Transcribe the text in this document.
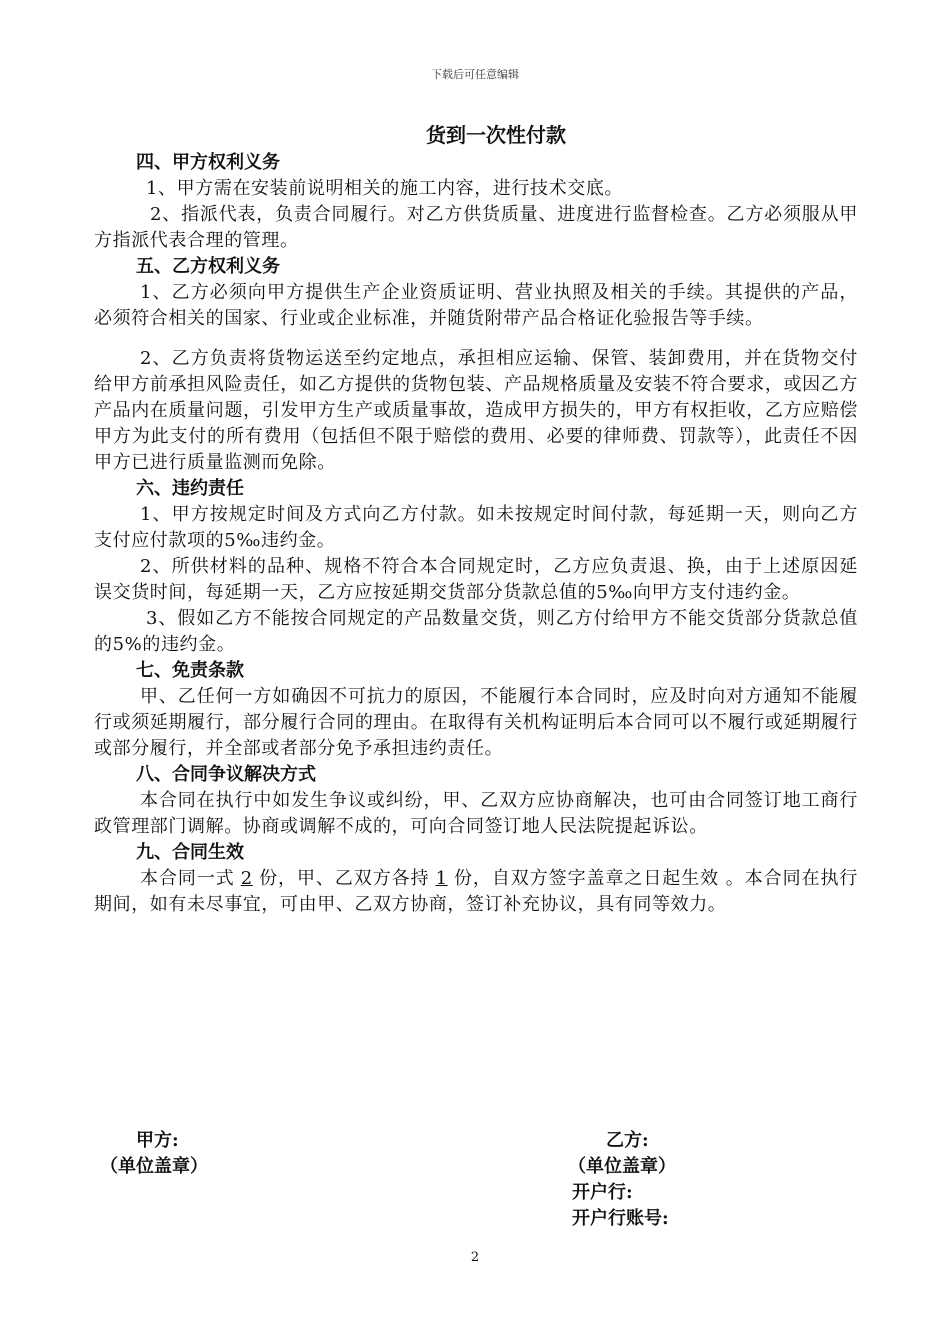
下载后可任意编辑
货到一次性付款
四、甲方权利义务
1、甲方需在安装前说明相关的施工内容，进行技术交底。
2、指派代表，负责合同履行。对乙方供货质量、进度进行监督检查。乙方必须服从甲方指派代表合理的管理。
五、乙方权利义务
1、乙方必须向甲方提供生产企业资质证明、营业执照及相关的手续。其提供的产品，必须符合相关的国家、行业或企业标准，并随货附带产品合格证化验报告等手续。
2、乙方负责将货物运送至约定地点，承担相应运输、保管、装卸费用，并在货物交付给甲方前承担风险责任，如乙方提供的货物包装、产品规格质量及安装不符合要求，或因乙方产品内在质量问题，引发甲方生产或质量事故，造成甲方损失的，甲方有权拒收，乙方应赔偿甲方为此支付的所有费用（包括但不限于赔偿的费用、必要的律师费、罚款等），此责任不因甲方已进行质量监测而免除。
六、违约责任
1、甲方按规定时间及方式向乙方付款。如未按规定时间付款，每延期一天，则向乙方支付应付款项的5‰违约金。
2、所供材料的品种、规格不符合本合同规定时，乙方应负责退、换，由于上述原因延误交货时间，每延期一天，乙方应按延期交货部分货款总值的5‰向甲方支付违约金。
3、假如乙方不能按合同规定的产品数量交货，则乙方付给甲方不能交货部分货款总值的5%的违约金。
七、免责条款
甲、乙任何一方如确因不可抗力的原因，不能履行本合同时，应及时向对方通知不能履行或须延期履行，部分履行合同的理由。在取得有关机构证明后本合同可以不履行或延期履行或部分履行，并全部或者部分免予承担违约责任。
八、合同争议解决方式
本合同在执行中如发生争议或纠纷，甲、乙双方应协商解决，也可由合同签订地工商行政管理部门调解。协商或调解不成的，可向合同签订地人民法院提起诉讼。
九、合同生效
本合同一式 2 份，甲、乙双方各持 1 份，自双方签字盖章之日起生效 。本合同在执行期间，如有未尽事宜，可由甲、乙双方协商，签订补充协议，具有同等效力。
甲方:
（单位盖章）
乙方:
（单位盖章）
开户行:
开户行账号:
2
